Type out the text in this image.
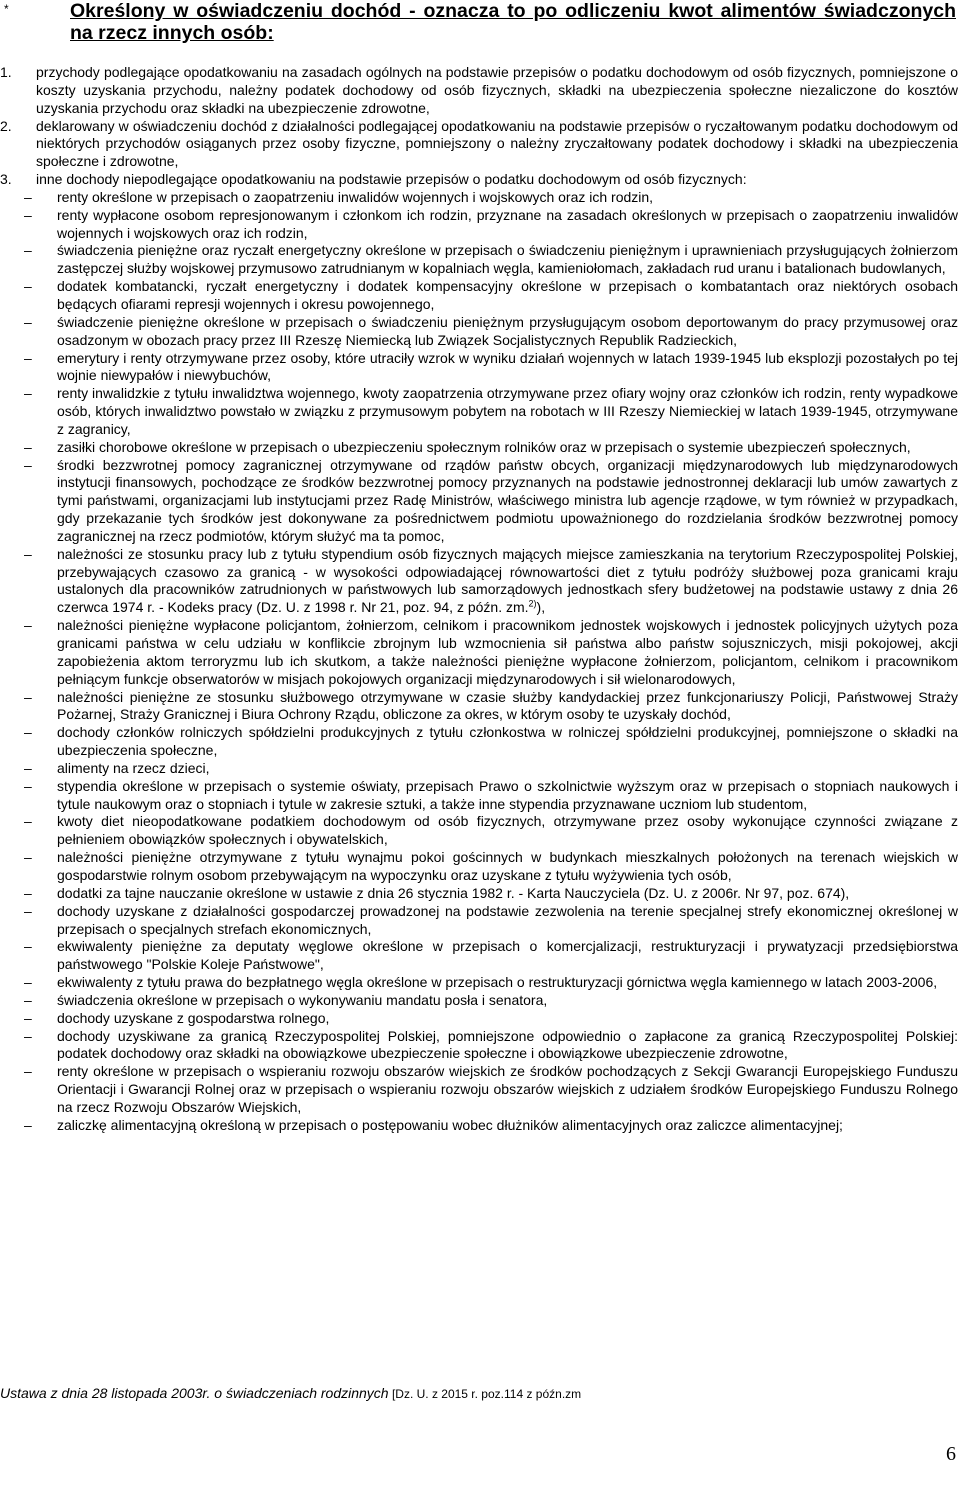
*	Określony w oświadczeniu dochód - oznacza to po odliczeniu kwot alimentów świadczonych na rzecz innych osób:
1.	przychody podlegające opodatkowaniu na zasadach ogólnych na podstawie przepisów o podatku dochodowym od osób fizycznych, pomniejszone o koszty uzyskania przychodu, należny podatek dochodowy od osób fizycznych, składki na ubezpieczenia społeczne niezaliczone do kosztów uzyskania przychodu oraz składki na ubezpieczenie zdrowotne,
2.	deklarowany w oświadczeniu dochód z działalności podlegającej opodatkowaniu na podstawie przepisów o ryczałtowanym podatku dochodowym od niektórych przychodów osiąganych przez osoby fizyczne, pomniejszony o należny zryczałtowany podatek dochodowy i składki na ubezpieczenia społeczne i zdrowotne,
3.	inne dochody niepodlegające opodatkowaniu na podstawie przepisów o podatku dochodowym od osób fizycznych:
–	renty określone w przepisach o zaopatrzeniu inwalidów wojennych i wojskowych oraz ich rodzin,
–	renty wypłacone osobom represjonowanym i członkom ich rodzin, przyznane na zasadach określonych w przepisach o zaopatrzeniu inwalidów wojennych i wojskowych oraz ich rodzin,
–	świadczenia pieniężne oraz ryczałt energetyczny określone w przepisach o świadczeniu pieniężnym i uprawnieniach przysługujących żołnierzom zastępczej służby wojskowej przymusowo zatrudnianym w kopalniach węgla, kamieniołomach, zakładach rud uranu i batalionach budowlanych,
–	dodatek kombatancki, ryczałt energetyczny i dodatek kompensacyjny określone w przepisach o kombatantach oraz niektórych osobach będących ofiarami represji wojennych i okresu powojennego,
–	świadczenie pieniężne określone w przepisach o świadczeniu pieniężnym przysługującym osobom deportowanym do pracy przymusowej oraz osadzonym w obozach pracy przez III Rzeszę Niemiecką lub Związek Socjalistycznych Republik Radzieckich,
–	emerytury i renty otrzymywane przez osoby, które utraciły wzrok w wyniku działań wojennych w latach 1939-1945 lub eksplozji pozostałych po tej wojnie niewypałów i niewybuchów,
–	renty inwalidzkie z tytułu inwalidztwa wojennego, kwoty zaopatrzenia otrzymywane przez ofiary wojny oraz członków ich rodzin, renty wypadkowe osób, których inwalidztwo powstało w związku z przymusowym pobytem na robotach w III Rzeszy Niemieckiej w latach 1939-1945, otrzymywane z zagranicy,
–	zasiłki chorobowe określone w przepisach o ubezpieczeniu społecznym rolników oraz w przepisach o systemie ubezpieczeń społecznych,
–	środki bezzwrotnej pomocy zagranicznej otrzymywane od rządów państw obcych, organizacji międzynarodowych lub międzynarodowych instytucji finansowych, pochodzące ze środków bezzwrotnej pomocy przyznanych na podstawie jednostronnej deklaracji lub umów zawartych z tymi państwami, organizacjami lub instytucjami przez Radę Ministrów, właściwego ministra lub agencje rządowe, w tym również w przypadkach, gdy przekazanie tych środków jest dokonywane za pośrednictwem podmiotu upoważnionego do rozdzielania środków bezzwrotnej pomocy zagranicznej na rzecz podmiotów, którym służyć ma ta pomoc,
–	należności ze stosunku pracy lub z tytułu stypendium osób fizycznych mających miejsce zamieszkania na terytorium Rzeczypospolitej Polskiej, przebywających czasowo za granicą - w wysokości odpowiadającej równowartości diet z tytułu podróży służbowej poza granicami kraju ustalonych dla pracowników zatrudnionych w państwowych lub samorządowych jednostkach sfery budżetowej na podstawie ustawy z dnia 26 czerwca 1974 r. - Kodeks pracy (Dz. U. z 1998 r. Nr 21, poz. 94, z późn. zm.$^{2)}$),
–	należności pieniężne wypłacone policjantom, żołnierzom, celnikom i pracownikom jednostek wojskowych i jednostek policyjnych użytych poza granicami państwa w celu udziału w konflikcie zbrojnym lub wzmocnienia sił państwa albo państw sojuszniczych, misji pokojowej, akcji zapobieżenia aktom terroryzmu lub ich skutkom, a także należności pieniężne wypłacone żołnierzom, policjantom, celnikom i pracownikom pełniącym funkcje obserwatorów w misjach pokojowych organizacji międzynarodowych i sił wielonarodowych,
–	należności pieniężne ze stosunku służbowego otrzymywane w czasie służby kandydackiej przez funkcjonariuszy Policji, Państwowej Straży Pożarnej, Straży Granicznej i Biura Ochrony Rządu, obliczone za okres, w którym osoby te uzyskały dochód,
–	dochody członków rolniczych spółdzielni produkcyjnych z tytułu członkostwa w rolniczej spółdzielni produkcyjnej, pomniejszone o składki na ubezpieczenia społeczne,
–	alimenty na rzecz dzieci,
–	stypendia określone w przepisach o systemie oświaty, przepisach Prawo o szkolnictwie wyższym oraz w przepisach o stopniach naukowych i tytule naukowym oraz o stopniach i tytule w zakresie sztuki, a także inne stypendia przyznawane uczniom lub studentom,
–	kwoty diet nieopodatkowane podatkiem dochodowym od osób fizycznych, otrzymywane przez osoby wykonujące czynności związane z pełnieniem obowiązków społecznych i obywatelskich,
–	należności pieniężne otrzymywane z tytułu wynajmu pokoi gościnnych w budynkach mieszkalnych położonych na terenach wiejskich w gospodarstwie rolnym osobom przebywającym na wypoczynku oraz uzyskane z tytułu wyżywienia tych osób,
–	dodatki za tajne nauczanie określone w ustawie z dnia 26 stycznia 1982 r. - Karta Nauczyciela (Dz. U. z 2006r. Nr 97, poz. 674),
–	dochody uzyskane z działalności gospodarczej prowadzonej na podstawie zezwolenia na terenie specjalnej strefy ekonomicznej określonej w przepisach o specjalnych strefach ekonomicznych,
–	ekwiwalenty pieniężne za deputaty węglowe określone w przepisach o komercjalizacji, restrukturyzacji i prywatyzacji przedsiębiorstwa państwowego "Polskie Koleje Państwowe",
–	ekwiwalenty z tytułu prawa do bezpłatnego węgla określone w przepisach o restrukturyzacji górnictwa węgla kamiennego w latach 2003-2006,
–	świadczenia określone w przepisach o wykonywaniu mandatu posła i senatora,
–	dochody uzyskane z gospodarstwa rolnego,
–	dochody uzyskiwane za granicą Rzeczypospolitej Polskiej, pomniejszone odpowiednio o zapłacone za granicą Rzeczypospolitej Polskiej: podatek dochodowy oraz składki na obowiązkowe ubezpieczenie społeczne i obowiązkowe ubezpieczenie zdrowotne,
–	renty określone w przepisach o wspieraniu rozwoju obszarów wiejskich ze środków pochodzących z Sekcji Gwarancji Europejskiego Funduszu Orientacji i Gwarancji Rolnej oraz w przepisach o wspieraniu rozwoju obszarów wiejskich z udziałem środków Europejskiego Funduszu Rolnego na rzecz Rozwoju Obszarów Wiejskich,
–	zaliczkę alimentacyjną określoną w przepisach o postępowaniu wobec dłużników alimentacyjnych oraz zaliczce alimentacyjnej;
Ustawa z dnia 28 listopada 2003r. o świadczeniach rodzinnych [Dz. U. z 2015 r. poz.114 z późn.zm
6
